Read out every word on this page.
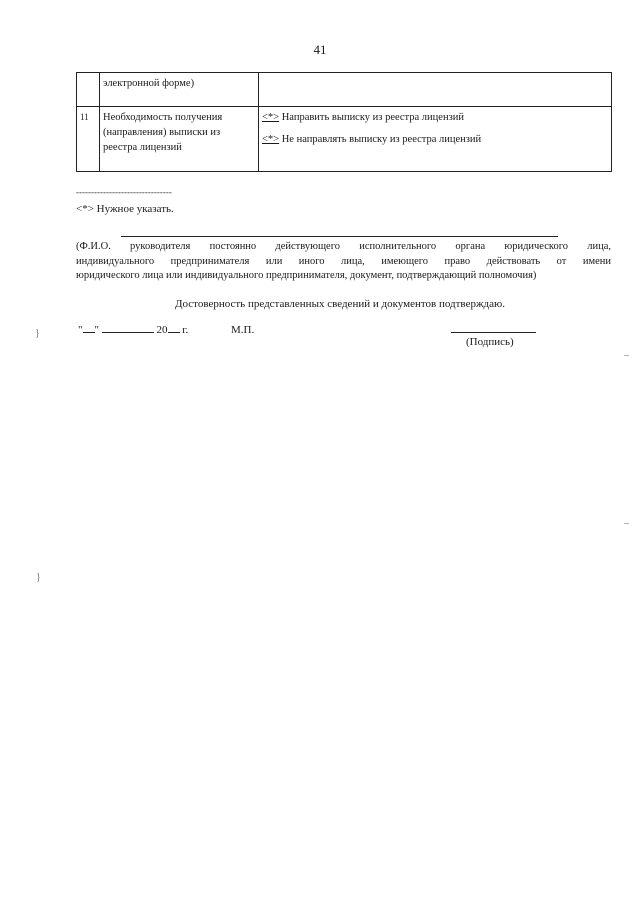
41
	электронной форме)	
11	Необходимость получения (направления) выписки из реестра лицензий	<*> Направить выписку из реестра лицензий
<*> Не направлять выписку из реестра лицензий
--------------------------------
<*> Нужное указать.
(Ф.И.О. руководителя постоянно действующего исполнительного органа юридического лица,
индивидуального предпринимателя или иного лица, имеющего право действовать от имени
юридического лица или индивидуального предпринимателя, документ, подтверждающий полномочия)
Достоверность представленных сведений и документов подтверждаю.
" "	20 г.	М.П.
(Подпись)
}
}
–
–
